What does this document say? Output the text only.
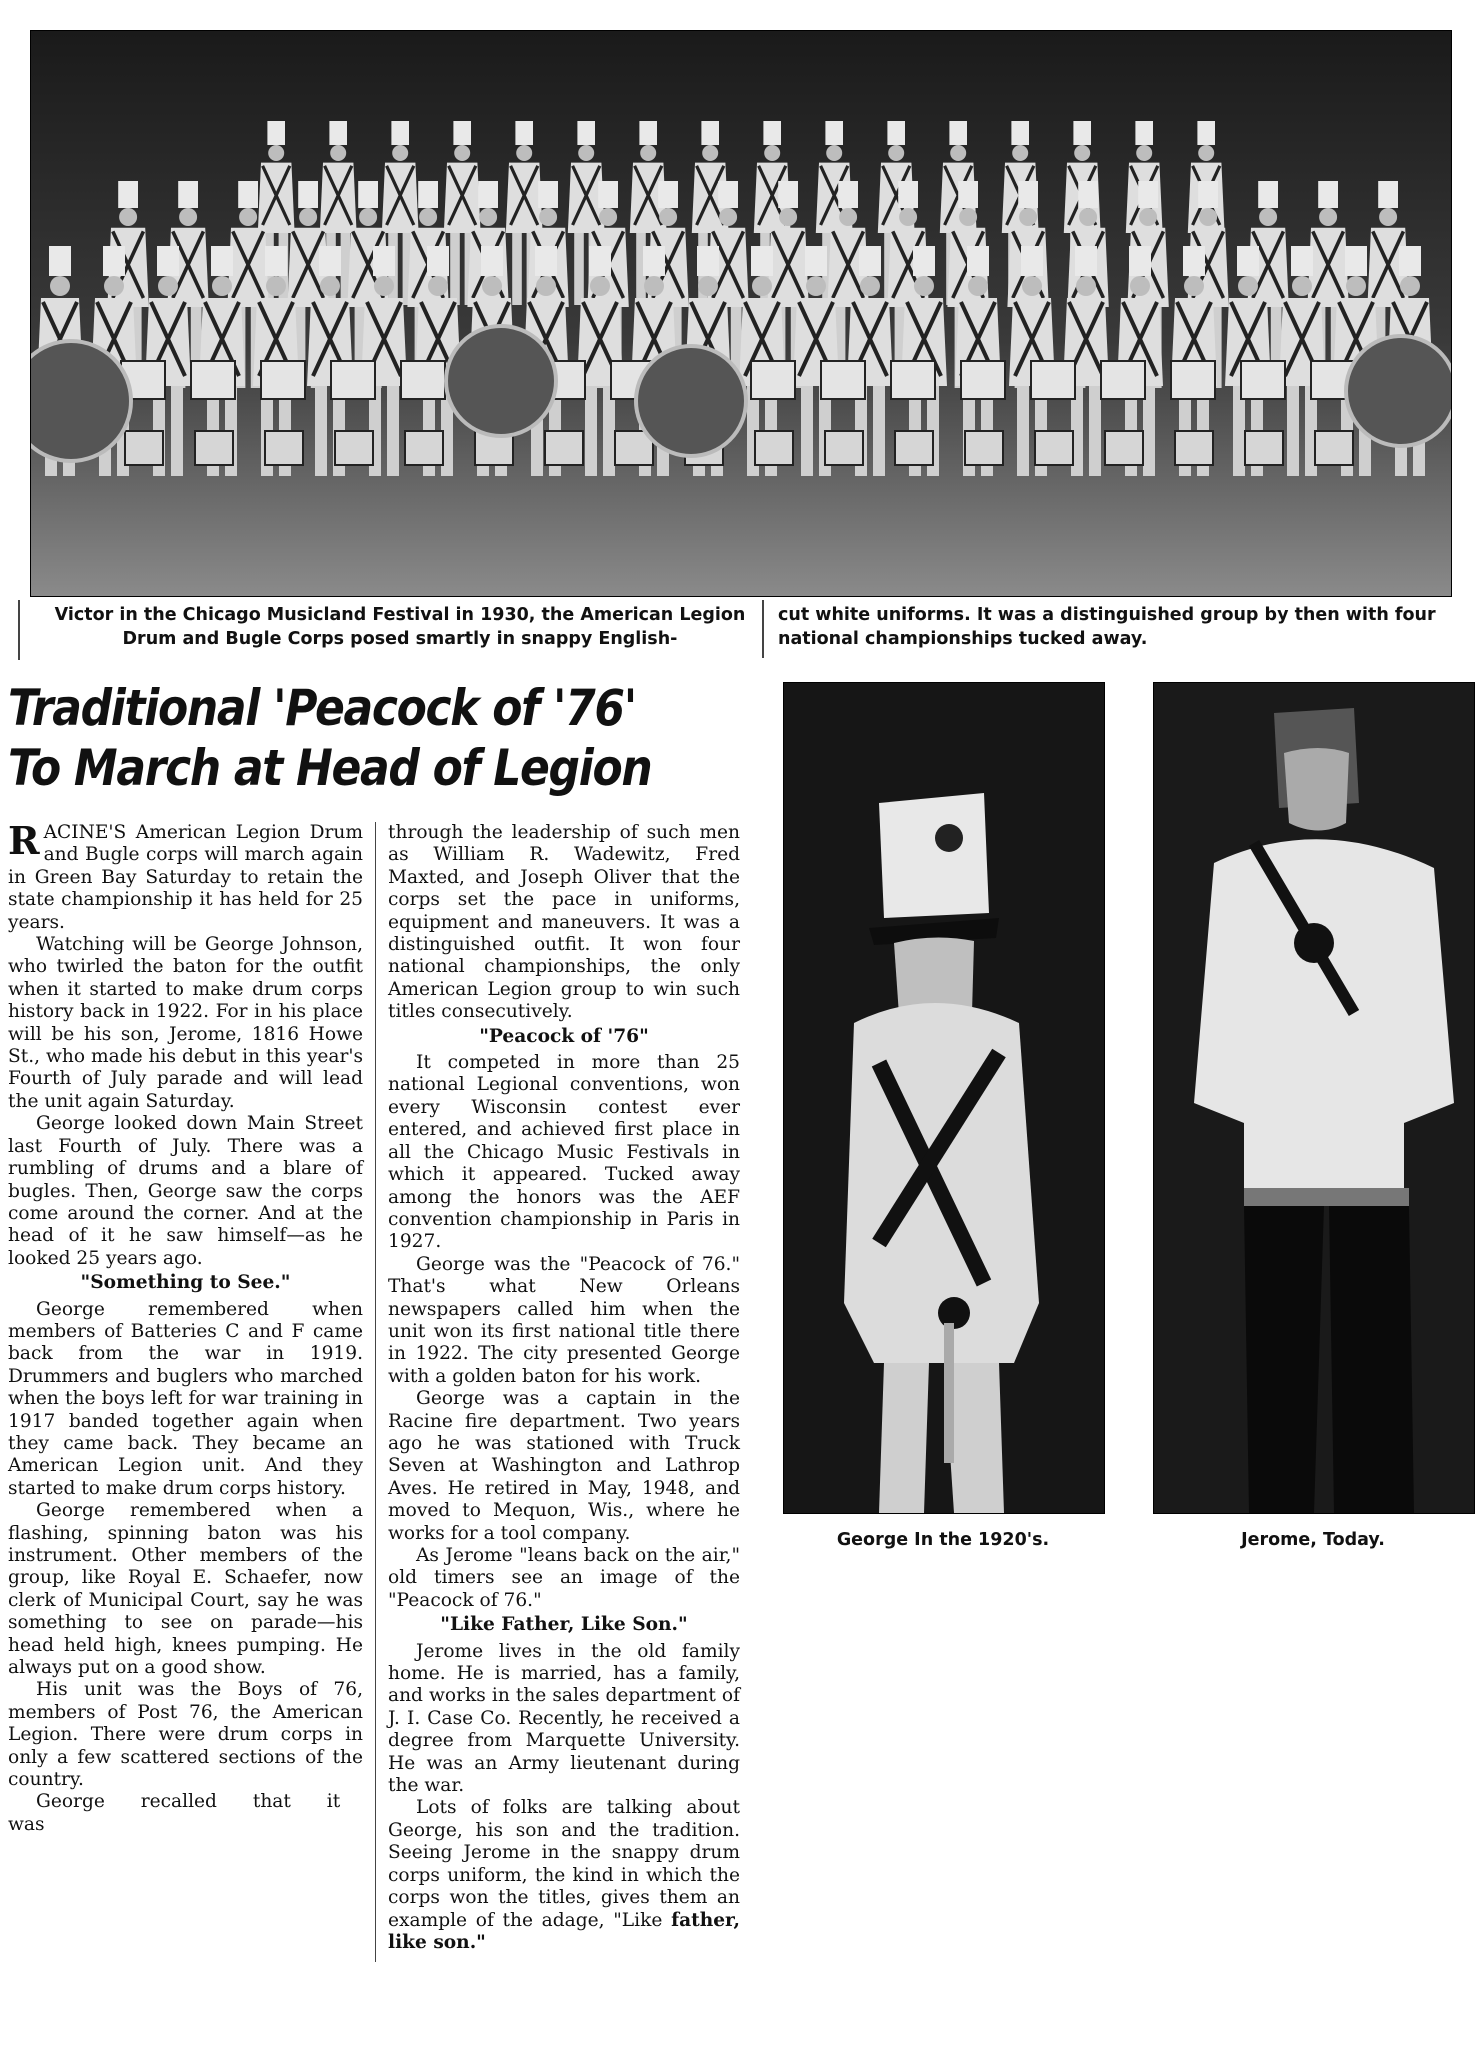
Victor in the Chicago Musicland Festival in 1930, the American Legion Drum and Bugle Corps posed smartly in snappy English-
cut white uniforms. It was a distinguished group by then with four national championships tucked away.
Traditional 'Peacock of '76'
To March at Head of Legion

RACINE'S American Legion Drum and Bugle corps will march again in Green Bay Saturday to retain the state championship it has held for 25 years.

Watching will be George Johnson, who twirled the baton for the outfit when it started to make drum corps history back in 1922. For in his place will be his son, Jerome, 1816 Howe St., who made his debut in this year's Fourth of July parade and will lead the unit again Saturday.

George looked down Main Street last Fourth of July. There was a rumbling of drums and a blare of bugles. Then, George saw the corps come around the corner. And at the head of it he saw himself—as he looked 25 years ago.

"Something to See."

George remembered when members of Batteries C and F came back from the war in 1919. Drummers and buglers who marched when the boys left for war training in 1917 banded together again when they came back. They became an American Legion unit. And they started to make drum corps history.

George remembered when a flashing, spinning baton was his instrument. Other members of the group, like Royal E. Schaefer, now clerk of Municipal Court, say he was something to see on parade—his head held high, knees pumping. He always put on a good show.

His unit was the Boys of 76, members of Post 76, the American Legion. There were drum corps in only a few scattered sections of the country.

George recalled that it was

through the leadership of such men as William R. Wadewitz, Fred Maxted, and Joseph Oliver that the corps set the pace in uniforms, equipment and maneuvers. It was a distinguished outfit. It won four national championships, the only American Legion group to win such titles consecutively.

"Peacock of '76"

It competed in more than 25 national Legional conventions, won every Wisconsin contest ever entered, and achieved first place in all the Chicago Music Festivals in which it appeared. Tucked away among the honors was the AEF convention championship in Paris in 1927.

George was the "Peacock of 76." That's what New Orleans newspapers called him when the unit won its first national title there in 1922. The city presented George with a golden baton for his work.

George was a captain in the Racine fire department. Two years ago he was stationed with Truck Seven at Washington and Lathrop Aves. He retired in May, 1948, and moved to Mequon, Wis., where he works for a tool company.

As Jerome "leans back on the air," old timers see an image of the "Peacock of 76."

"Like Father, Like Son."

Jerome lives in the old family home. He is married, has a family, and works in the sales department of J. I. Case Co. Recently, he received a degree from Marquette University. He was an Army lieutenant during the war.

Lots of folks are talking about George, his son and the tradition. Seeing Jerome in the snappy drum corps uniform, the kind in which the corps won the titles, gives them an example of the adage, "Like father, like son."

George In the 1920's.	Jerome, Today.
